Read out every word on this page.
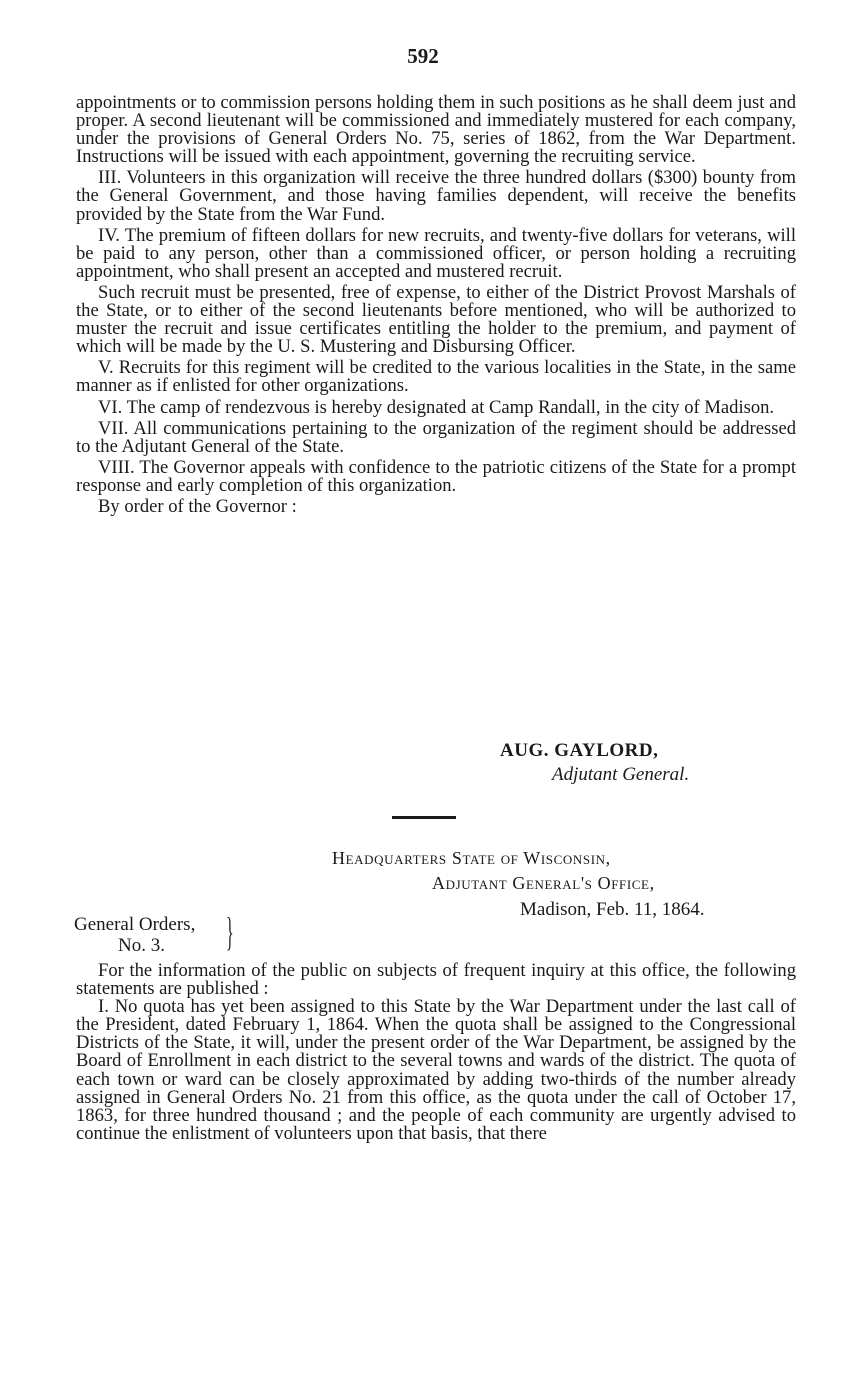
592

appointments or to commission persons holding them in such positions as he shall deem just and proper. A second lieutenant will be commissioned and immediately mustered for each company, under the provisions of General Orders No. 75, series of 1862, from the War Department. Instructions will be issued with each appointment, governing the recruiting service.

III. Volunteers in this organization will receive the three hundred dollars ($300) bounty from the General Government, and those having families dependent, will receive the benefits provided by the State from the War Fund.

IV. The premium of fifteen dollars for new recruits, and twenty-five dollars for veterans, will be paid to any person, other than a commissioned officer, or person holding a recruiting appointment, who shall present an accepted and mustered recruit.

Such recruit must be presented, free of expense, to either of the District Provost Marshals of the State, or to either of the second lieutenants before mentioned, who will be authorized to muster the recruit and issue certificates entitling the holder to the premium, and payment of which will be made by the U. S. Mustering and Disbursing Officer.

V. Recruits for this regiment will be credited to the various localities in the State, in the same manner as if enlisted for other organizations.

VI. The camp of rendezvous is hereby designated at Camp Randall, in the city of Madison.

VII. All communications pertaining to the organization of the regiment should be addressed to the Adjutant General of the State.

VIII. The Governor appeals with confidence to the patriotic citizens of the State for a prompt response and early completion of this organization.

By order of the Governor :

AUG. GAYLORD,
Adjutant General.
Headquarters State of Wisconsin,
Adjutant General's Office,
Madison, Feb. 11, 1864.
General Orders,
No. 3. }

For the information of the public on subjects of frequent inquiry at this office, the following statements are published :

I. No quota has yet been assigned to this State by the War Department under the last call of the President, dated February 1, 1864. When the quota shall be assigned to the Congressional Districts of the State, it will, under the present order of the War Department, be assigned by the Board of Enrollment in each district to the several towns and wards of the district. The quota of each town or ward can be closely approximated by adding two-thirds of the number already assigned in General Orders No. 21 from this office, as the quota under the call of October 17, 1863, for three hundred thousand ; and the people of each community are urgently advised to continue the enlistment of volunteers upon that basis, that there
